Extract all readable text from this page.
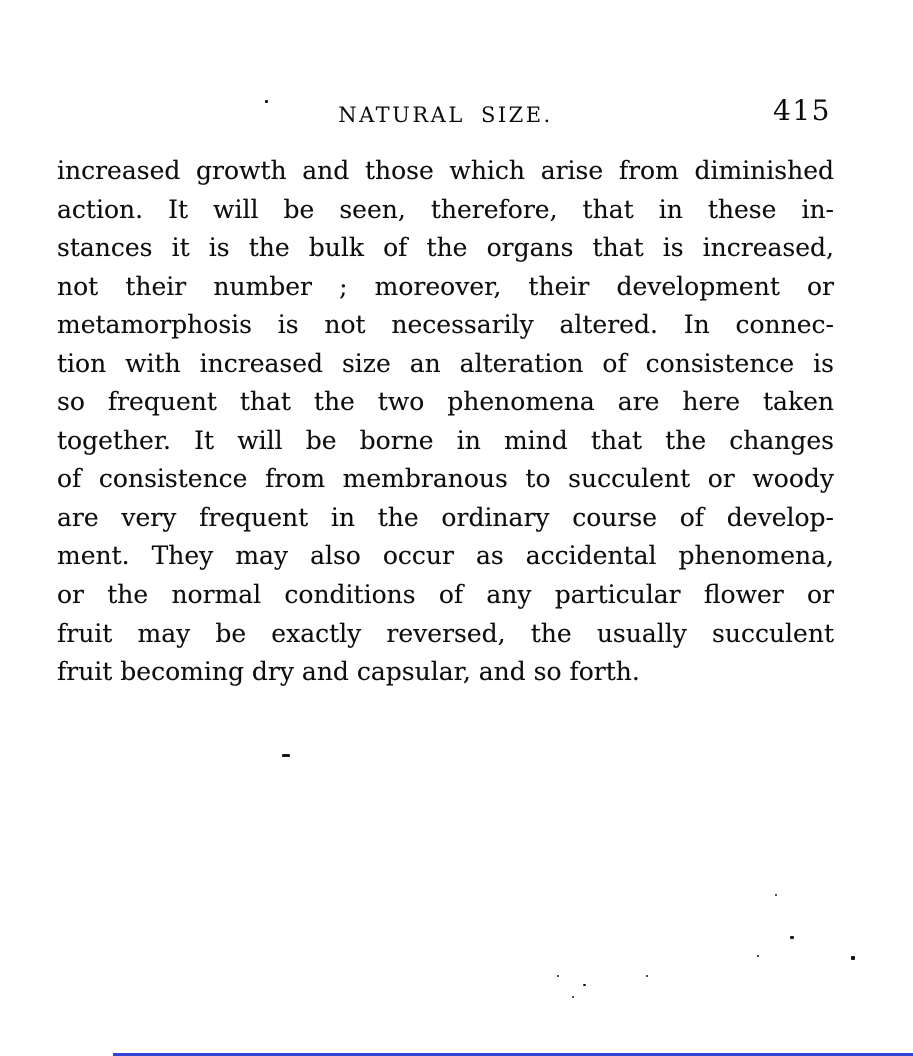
NATURAL SIZE.	415
increased growth and those which arise from diminished
action. It will be seen, therefore, that in these in-
stances it is the bulk of the organs that is increased,
not their number ; moreover, their development or
metamorphosis is not necessarily altered. In connec-
tion with increased size an alteration of consistence is
so frequent that the two phenomena are here taken
together. It will be borne in mind that the changes
of consistence from membranous to succulent or woody
are very frequent in the ordinary course of develop-
ment. They may also occur as accidental phenomena,
or the normal conditions of any particular flower or
fruit may be exactly reversed, the usually succulent
fruit becoming dry and capsular, and so forth.
